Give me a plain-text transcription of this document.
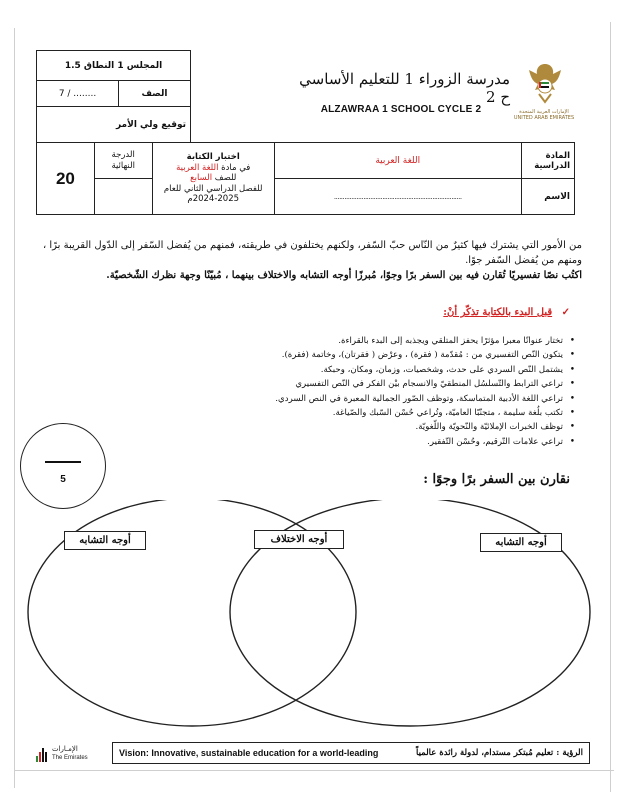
المجلس 1 النطاق 1.5
........ / 7	الصف
توقيع ولي الأمر
مدرسة الزوراء 1 للتعليم الأساسي ح 2
ALZAWRAA 1 SCHOOL CYCLE 2	الإمارات العربية المتحدة
UNITED ARAB EMIRATES
20	الدرجة النهائية	اختبار الكتابة
في مادة اللغة العربية
للصف السابع
للفصل الدراسي الثاني للعام
2024-2025م	اللغة العربية	المادة الدراسية
			..........................................................................	الاسم
من الأمور التي يشترك فيها كثيرٌ من النّاس حبّ السّفر، ولكنهم يختلفون في طريقته، فمنهم من يُفضل السّفر إلى الدّول القريبة برًا ، ومنهم من يُفضل السّفر جوًا.
اكتُب نصًا تفسيريًا تُقارن فيه بين السفر برًا وجوًا، مُبرزًا أوجه التشابه والاختلاف بينهما ، مُبيّنًا وجهة نظرك الشّخصيّة.
✓ قبل البدء بالكتابة تذكّر أنْ:
• تختار عنوانًا معبرا مؤثرًا يحفز المتلقي ويجذبه إلى البدء بالقراءة.
• يتكون النّص التفسيري من : مُقدّمة ( فقرة) ، وعرْض ( فقرتان)، وخاتمة (فقرة).
• يشتمل النّص السردي على حدث، وشخصيات، وزمان، ومكان، وحبكة.
• تراعي الترابط والتّسلسُل المنطقيّ والانسجام بيْن الفكر في النّص التفسيري
• تراعي اللغة الأدبية المتماسكة، وتوظف الصّور الجمالية المعبرة في النص السردي.
• تكتب بلُغة سليمة ، متجنّبًا العاميّة، وتُراعي حُسْن السّبك والصّياغة.
• توظف الخبرات الإملائيّة والنّحويّة واللّغويّة.
• تراعي علامات التّرقيم، وحُسْن التّفقير.
5	نقارن بين السفر برًا وجوًا :
أوجه التشابه
أوجه الاختلاف
أوجه التشابه
الإمـارات
The Emirates	Vision: Innovative, sustainable education for a world-leading	الرؤية : تعليم مُبتكر مستدام، لدولة رائدة عالمياً
